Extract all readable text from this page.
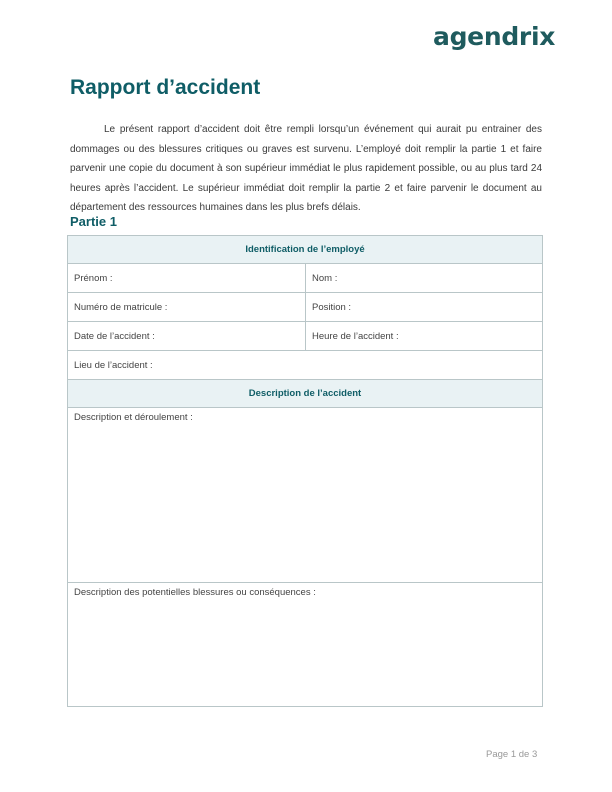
agendrix
Rapport d’accident

Le présent rapport d’accident doit être rempli lorsqu’un événement qui aurait pu entrainer des dommages ou des blessures critiques ou graves est survenu. L’employé doit remplir la partie 1 et faire parvenir une copie du document à son supérieur immédiat le plus rapidement possible, ou au plus tard 24 heures après l’accident. Le supérieur immédiat doit remplir la partie 2 et faire parvenir le document au département des ressources humaines dans les plus brefs délais.

Partie 1
Identification de l’employé	
Prénom :	Nom :
Numéro de matricule :	Position :
Date de l’accident :	Heure de l’accident :
Lieu de l’accident :	
Description de l’accident	
Description et déroulement :	
Description des potentielles blessures ou conséquences :	
Page 1 de 3
